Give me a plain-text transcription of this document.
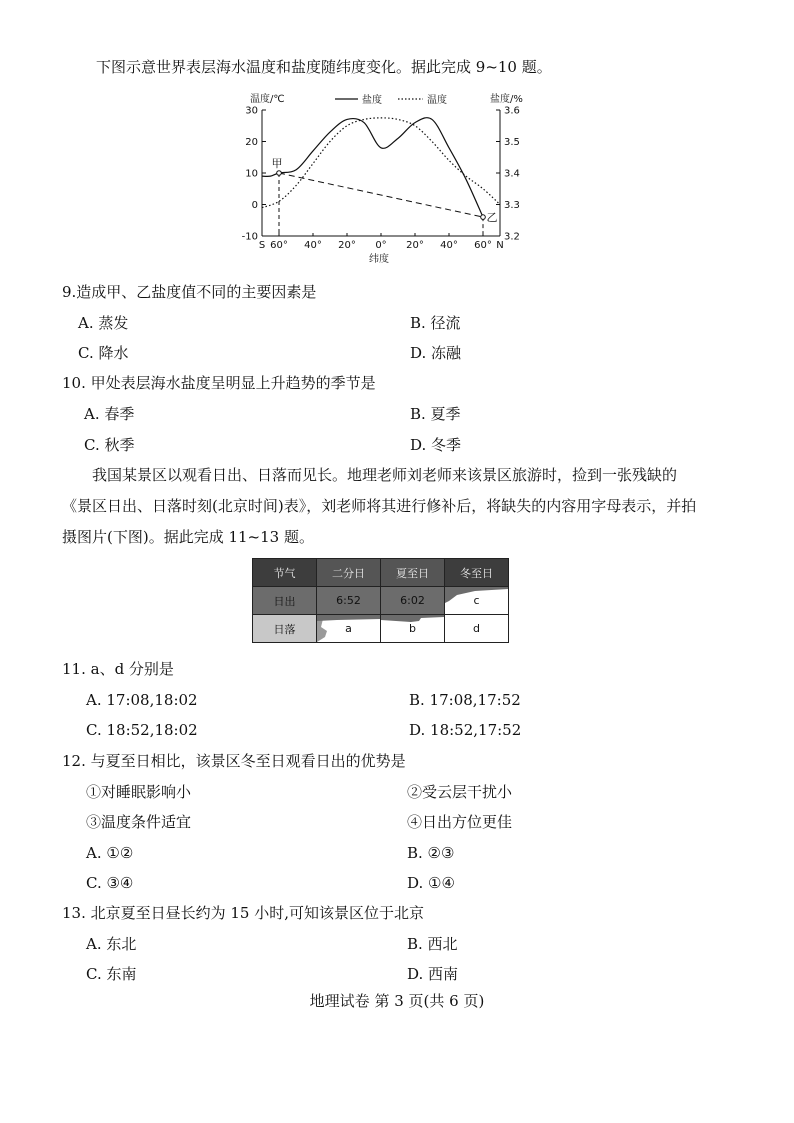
下图示意世界表层海水温度和盐度随纬度变化。据此完成 9~10 题。
30
20
10
0
-10
3.6
3.5
3.4
3.3
3.2
S 60° 40° 20° 0° 20° 40° 60° N
温度/℃	盐度/%
纬度
盐度	温度
甲
乙
9.造成甲、乙盐度值不同的主要因素是
A. 蒸发	B. 径流
C. 降水	D. 冻融
10. 甲处表层海水盐度呈明显上升趋势的季节是
A. 春季	B. 夏季
C. 秋季	D. 冬季
我国某景区以观看日出、日落而见长。地理老师刘老师来该景区旅游时，捡到一张残缺的《景区日出、日落时刻(北京时间)表》，刘老师将其进行修补后，将缺失的内容用字母表示，并拍摄图片(下图)。据此完成 11~13 题。
节气	二分日	夏至日	冬至日
日出	6:52	6:02	c
日落	a	b	d
11. a、d 分别是
A. 17:08,18:02	B. 17:08,17:52
C. 18:52,18:02	D. 18:52,17:52
12. 与夏至日相比，该景区冬至日观看日出的优势是
①对睡眠影响小	②受云层干扰小
③温度条件适宜	④日出方位更佳
A. ①②	B. ②③
C. ③④	D. ①④
13. 北京夏至日昼长约为 15 小时,可知该景区位于北京
A. 东北	B. 西北
C. 东南	D. 西南
地理试卷 第 3 页(共 6 页)
